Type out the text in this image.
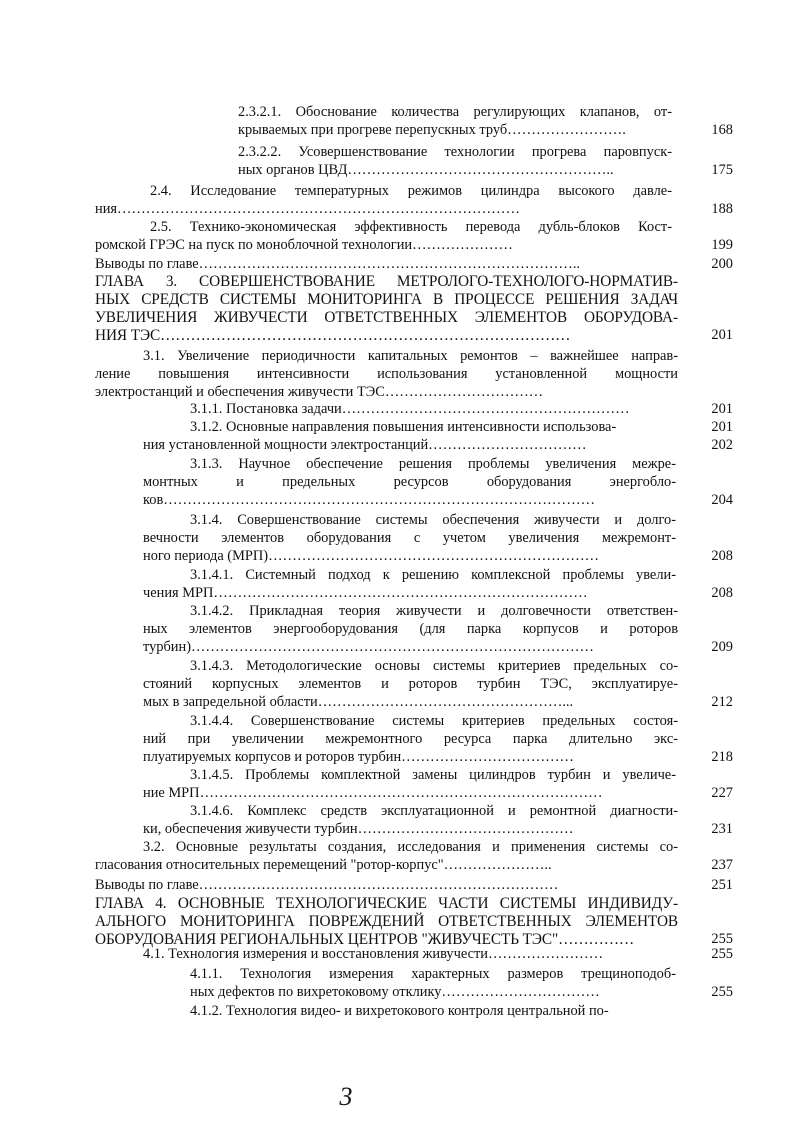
2.3.2.1. Обоснование количества регулирующих клапанов, от-
крываемых при прогреве перепускных труб…………………….	168
2.3.2.2. Усовершенствование технологии прогрева паровпуск-
ных органов ЦВД………………………………………………..	175
2.4. Исследование температурных режимов цилиндра высокого давле-
ния…………………………………………………………………………	188
2.5. Технико-экономическая эффективность перевода дубль-блоков Кост-
ромской ГРЭС на пуск по моноблочной технологии…………………	199
Выводы по главе……………………………………………………………………..	200
ГЛАВА 3. СОВЕРШЕНСТВОВАНИЕ МЕТРОЛОГО-ТЕХНОЛОГО-НОРМАТИВ-
НЫХ СРЕДСТВ СИСТЕМЫ МОНИТОРИНГА В ПРОЦЕССЕ РЕШЕНИЯ ЗАДАЧ
УВЕЛИЧЕНИЯ ЖИВУЧЕСТИ ОТВЕТСТВЕННЫХ ЭЛЕМЕНТОВ ОБОРУДОВА-
НИЯ ТЭС………………………………………………………………………	201
3.1. Увеличение периодичности капитальных ремонтов – важнейшее направ-
ление повышения интенсивности использования установленной мощности
электростанций и обеспечения живучести ТЭС……………………………
3.1.1. Постановка задачи……………………………………………………	201
3.1.2. Основные направления повышения интенсивности использова-	201
ния установленной мощности электростанций……………………………	202
3.1.3. Научное обеспечение решения проблемы увеличения межре-
монтных и предельных ресурсов оборудования энергобло-
ков………………………………………………………………………………	204
3.1.4. Совершенствование системы обеспечения живучести и долго-
вечности элементов оборудования с учетом увеличения межремонт-
ного периода (МРП)……………………………………………………………	208
3.1.4.1. Системный подход к решению комплексной проблемы увели-
чения МРП……………………………………………………………………	208
3.1.4.2. Прикладная теория живучести и долговечности ответствен-
ных элементов энергооборудования (для парка корпусов и роторов
турбин)…………………………………………………………………………	209
3.1.4.3. Методологические основы системы критериев предельных со-
стояний корпусных элементов и роторов турбин ТЭС, эксплуатируе-
мых в запредельной области……………………………………………...	212
3.1.4.4. Совершенствование системы критериев предельных состоя-
ний при увеличении межремонтного ресурса парка длительно экс-
плуатируемых корпусов и роторов турбин………………………………	218
3.1.4.5. Проблемы комплектной замены цилиндров турбин и увеличе-
ние МРП…………………………………………………………………………	227
3.1.4.6. Комплекс средств эксплуатационной и ремонтной диагности-
ки, обеспечения живучести турбин………………………………………	231
3.2. Основные результаты создания, исследования и применения системы со-
гласования относительных перемещений "ротор-корпус"…………………..	237
Выводы по главе…………………………………………………………………	251
ГЛАВА 4. ОСНОВНЫЕ ТЕХНОЛОГИЧЕСКИЕ ЧАСТИ СИСТЕМЫ ИНДИВИДУ-
АЛЬНОГО МОНИТОРИНГА ПОВРЕЖДЕНИЙ ОТВЕТСТВЕННЫХ ЭЛЕМЕНТОВ
ОБОРУДОВАНИЯ РЕГИОНАЛЬНЫХ ЦЕНТРОВ "ЖИВУЧЕСТЬ ТЭС"……………	255
4.1. Технология измерения и восстановления живучести……………………	255
4.1.1. Технология измерения характерных размеров трещиноподоб-
ных дефектов по вихретоковому отклику……………………………	255
4.1.2. Технология видео- и вихретокового контроля центральной по-
3
